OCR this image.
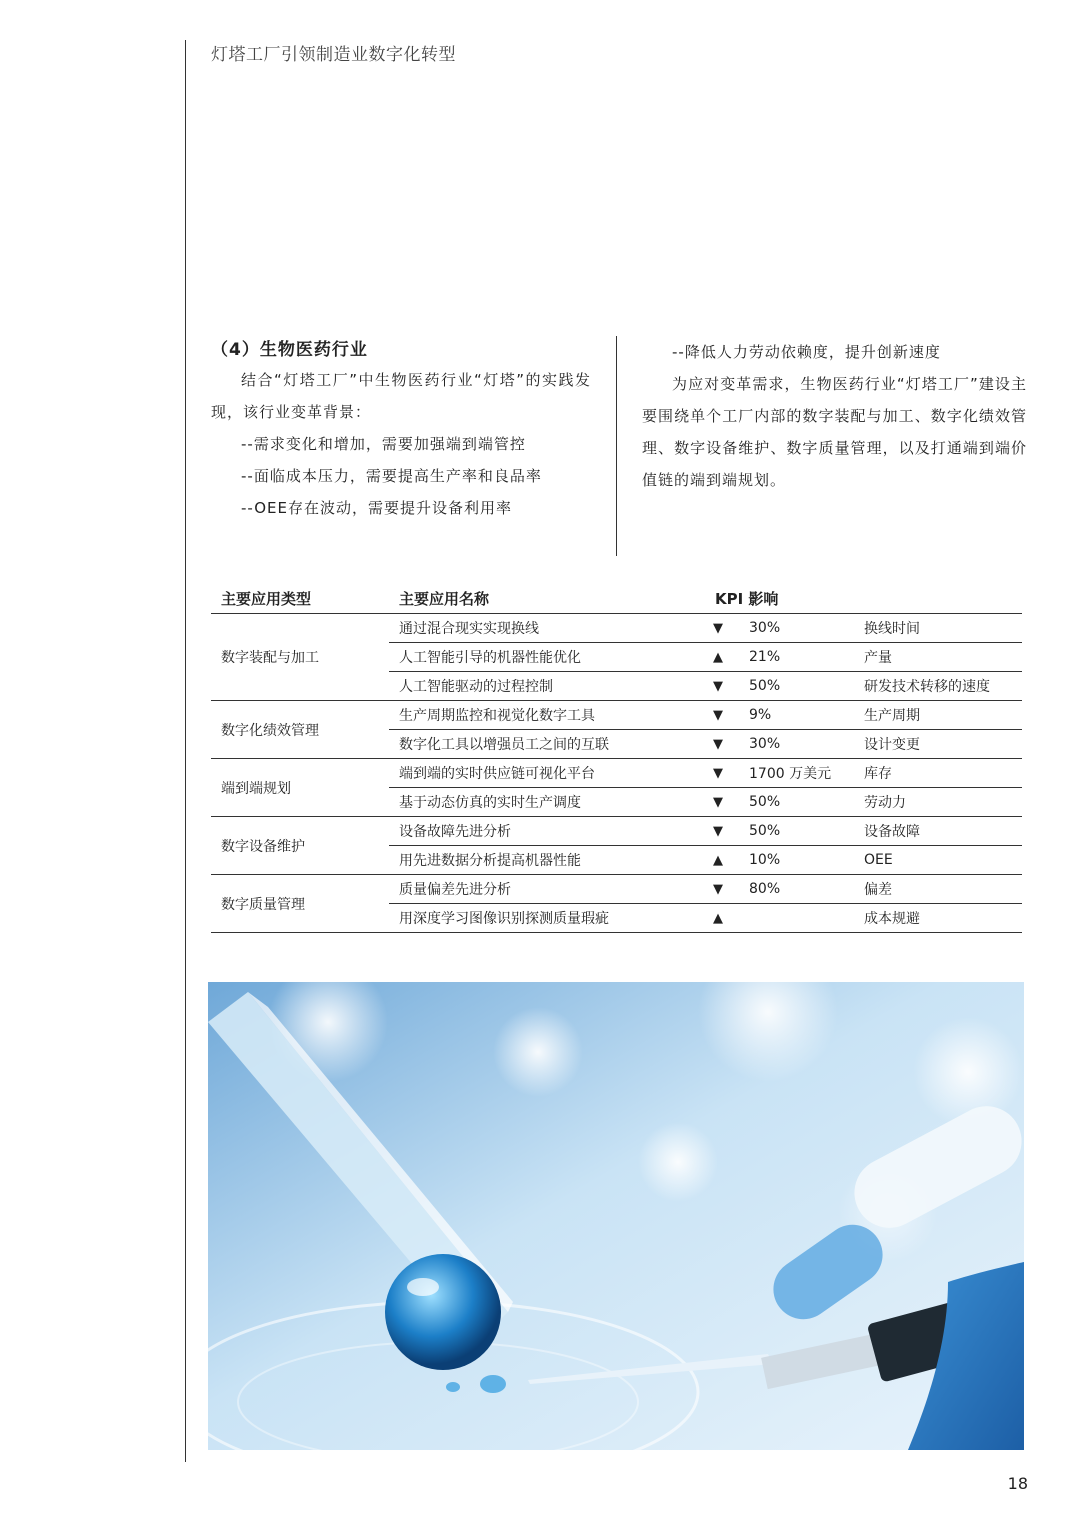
灯塔工厂引领制造业数字化转型

（4）生物医药行业

结合“灯塔工厂”中生物医药行业“灯塔”的实践发现，该行业变革背景：

--需求变化和增加，需要加强端到端管控

--面临成本压力，需要提高生产率和良品率

--OEE存在波动，需要提升设备利用率

--降低人力劳动依赖度，提升创新速度

为应对变革需求，生物医药行业“灯塔工厂”建设主要围绕单个工厂内部的数字装配与加工、数字化绩效管理、数字设备维护、数字质量管理，以及打通端到端价值链的端到端规划。

主要应用类型	主要应用名称	KPI 影响		
数字装配与加工	通过混合现实实现换线	▼	30%	换线时间
	人工智能引导的机器性能优化	▲	21%	产量
	人工智能驱动的过程控制	▼	50%	研发技术转移的速度
数字化绩效管理	生产周期监控和视觉化数字工具	▼	9%	生产周期
	数字化工具以增强员工之间的互联	▼	30%	设计变更
端到端规划	端到端的实时供应链可视化平台	▼	1700 万美元	库存
	基于动态仿真的实时生产调度	▼	50%	劳动力
数字设备维护	设备故障先进分析	▼	50%	设备故障
	用先进数据分析提高机器性能	▲	10%	OEE
数字质量管理	质量偏差先进分析	▼	80%	偏差
	用深度学习图像识别探测质量瑕疵	▲		成本规避
18
